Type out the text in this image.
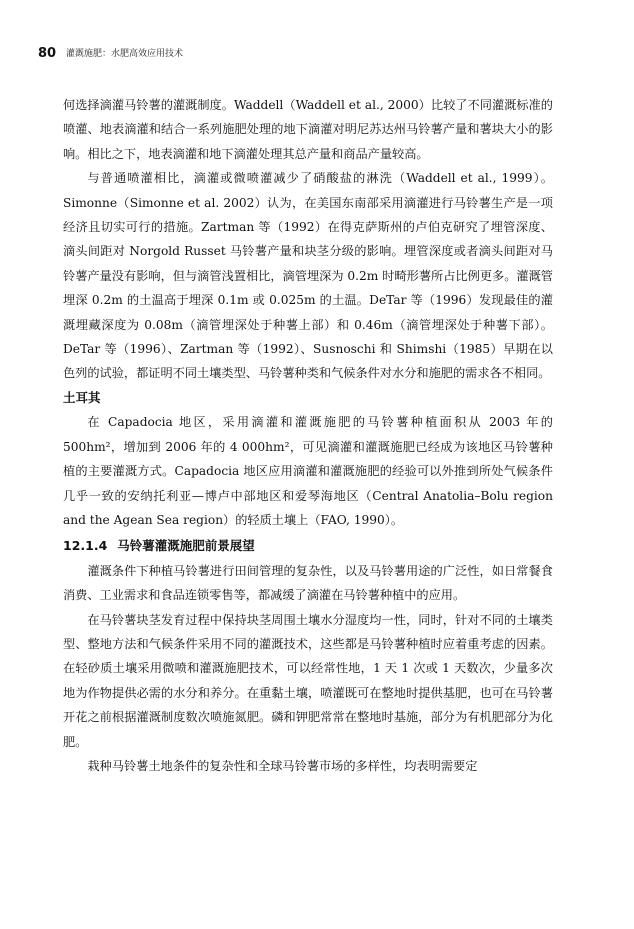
80 灌溉施肥：水肥高效应用技术

何选择滴灌马铃薯的灌溉制度。Waddell（Waddell et al., 2000）比较了不同灌溉标准的喷灌、地表滴灌和结合一系列施肥处理的地下滴灌对明尼苏达州马铃薯产量和薯块大小的影响。相比之下，地表滴灌和地下滴灌处理其总产量和商品产量较高。

与普通喷灌相比，滴灌或微喷灌减少了硝酸盐的淋洗（Waddell et al., 1999）。Simonne（Simonne et al. 2002）认为，在美国东南部采用滴灌进行马铃薯生产是一项经济且切实可行的措施。Zartman 等（1992）在得克萨斯州的卢伯克研究了埋管深度、滴头间距对 Norgold Russet 马铃薯产量和块茎分级的影响。埋管深度或者滴头间距对马铃薯产量没有影响，但与滴管浅置相比，滴管埋深为 0.2m 时畸形薯所占比例更多。灌溉管埋深 0.2m 的土温高于埋深 0.1m 或 0.025m 的土温。DeTar 等（1996）发现最佳的灌溉埋藏深度为 0.08m（滴管埋深处于种薯上部）和 0.46m（滴管埋深处于种薯下部）。DeTar 等（1996）、Zartman 等（1992）、Susnoschi 和 Shimshi（1985）早期在以色列的试验，都证明不同土壤类型、马铃薯种类和气候条件对水分和施肥的需求各不相同。

土耳其

在 Capadocia 地区，采用滴灌和灌溉施肥的马铃薯种植面积从 2003 年的 500hm²，增加到 2006 年的 4 000hm²，可见滴灌和灌溉施肥已经成为该地区马铃薯种植的主要灌溉方式。Capadocia 地区应用滴灌和灌溉施肥的经验可以外推到所处气候条件几乎一致的安纳托利亚—博卢中部地区和爱琴海地区（Central Anatolia–Bolu region and the Agean Sea region）的轻质土壤上（FAO, 1990）。

12.1.4 马铃薯灌溉施肥前景展望

灌溉条件下种植马铃薯进行田间管理的复杂性，以及马铃薯用途的广泛性，如日常餐食消费、工业需求和食品连锁零售等，都减缓了滴灌在马铃薯种植中的应用。

在马铃薯块茎发育过程中保持块茎周围土壤水分湿度均一性，同时，针对不同的土壤类型、整地方法和气候条件采用不同的灌溉技术，这些都是马铃薯种植时应着重考虑的因素。在轻砂质土壤采用微喷和灌溉施肥技术，可以经常性地，1 天 1 次或 1 天数次，少量多次地为作物提供必需的水分和养分。在重黏土壤，喷灌既可在整地时提供基肥，也可在马铃薯开花之前根据灌溉制度数次喷施氮肥。磷和钾肥常常在整地时基施，部分为有机肥部分为化肥。

栽种马铃薯土地条件的复杂性和全球马铃薯市场的多样性，均表明需要定
